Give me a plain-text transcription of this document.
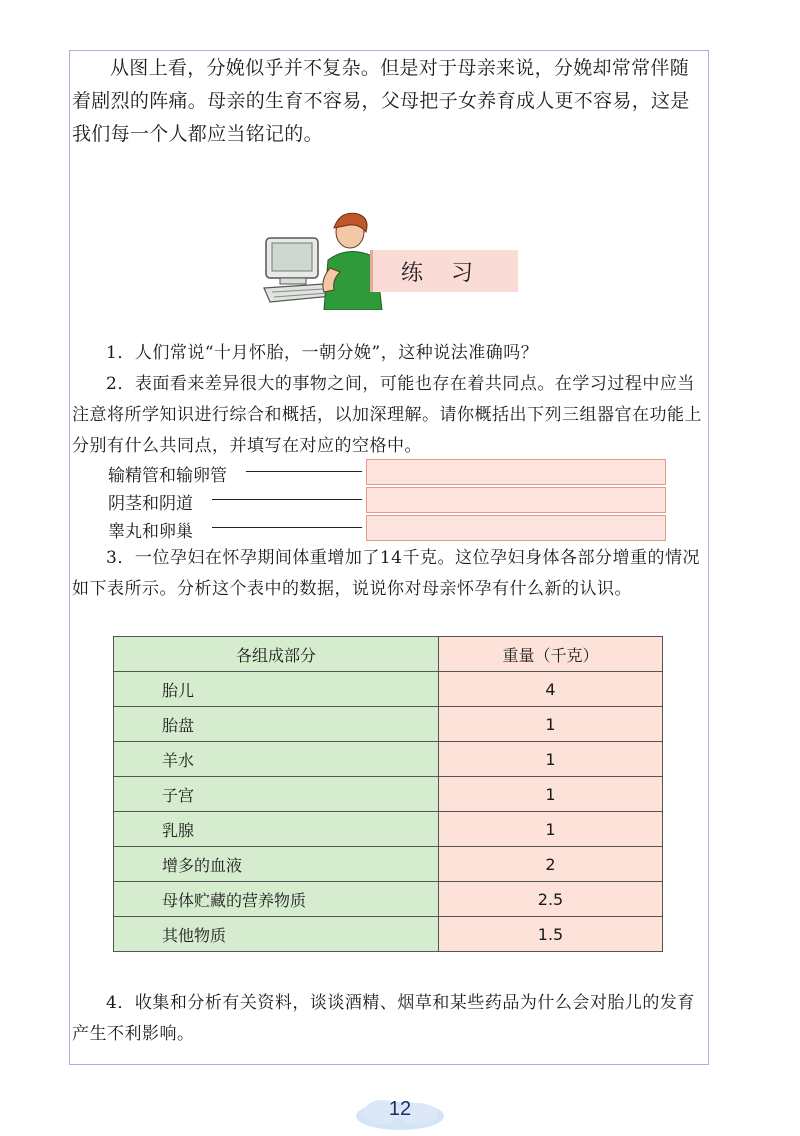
从图上看，分娩似乎并不复杂。但是对于母亲来说，分娩却常常伴随着剧烈的阵痛。母亲的生育不容易，父母把子女养育成人更不容易，这是我们每一个人都应当铭记的。

练习

1．人们常说“十月怀胎，一朝分娩”，这种说法准确吗？

2．表面看来差异很大的事物之间，可能也存在着共同点。在学习过程中应当注意将所学知识进行综合和概括，以加深理解。请你概括出下列三组器官在功能上分别有什么共同点，并填写在对应的空格中。

输精管和输卵管
阴茎和阴道
睾丸和卵巢

3．一位孕妇在怀孕期间体重增加了14千克。这位孕妇身体各部分增重的情况如下表所示。分析这个表中的数据，说说你对母亲怀孕有什么新的认识。

各组成部分	重量（千克）
胎儿	4
胎盘	1
羊水	1
子宫	1
乳腺	1
增多的血液	2
母体贮藏的营养物质	2.5
其他物质	1.5

4．收集和分析有关资料，谈谈酒精、烟草和某些药品为什么会对胎儿的发育产生不利影响。

12
